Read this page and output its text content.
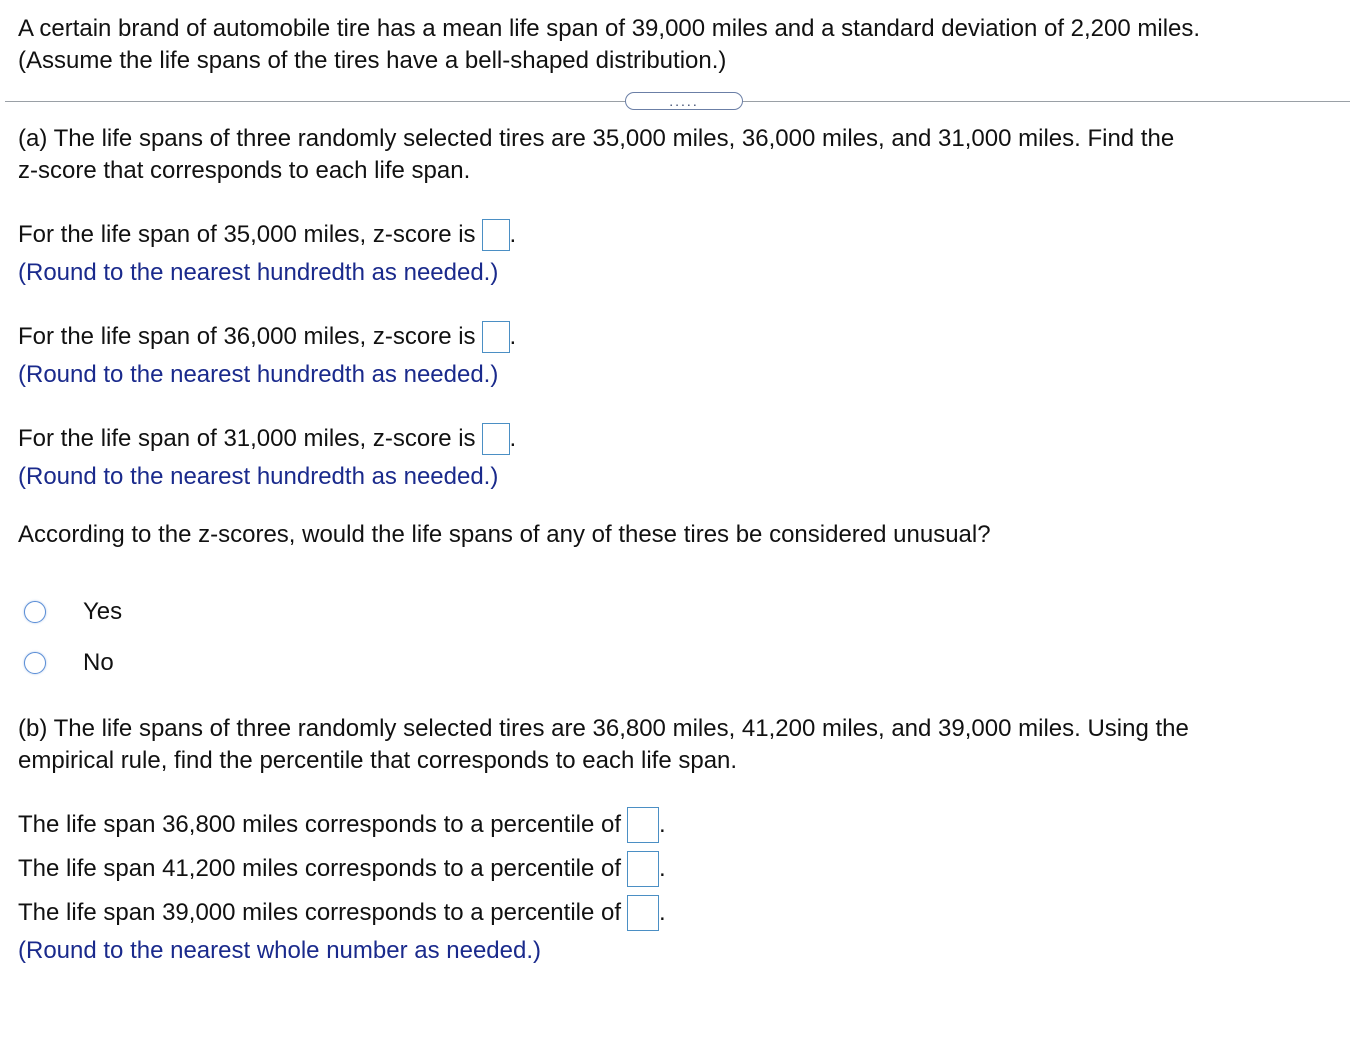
A certain brand of automobile tire has a mean life span of 39,000 miles and a standard deviation of 2,200 miles.
(Assume the life spans of the tires have a bell-shaped distribution.)
.....
(a) The life spans of three randomly selected tires are 35,000 miles, 36,000 miles, and 31,000 miles. Find the
z-score that corresponds to each life span.
For the life span of 35,000 miles, z-score is .
(Round to the nearest hundredth as needed.)
For the life span of 36,000 miles, z-score is .
(Round to the nearest hundredth as needed.)
For the life span of 31,000 miles, z-score is .
(Round to the nearest hundredth as needed.)
According to the z-scores, would the life spans of any of these tires be considered unusual?
Yes
No
(b) The life spans of three randomly selected tires are 36,800 miles, 41,200 miles, and 39,000 miles. Using the
empirical rule, find the percentile that corresponds to each life span.
The life span 36,800 miles corresponds to a percentile of .
The life span 41,200 miles corresponds to a percentile of .
The life span 39,000 miles corresponds to a percentile of .
(Round to the nearest whole number as needed.)
